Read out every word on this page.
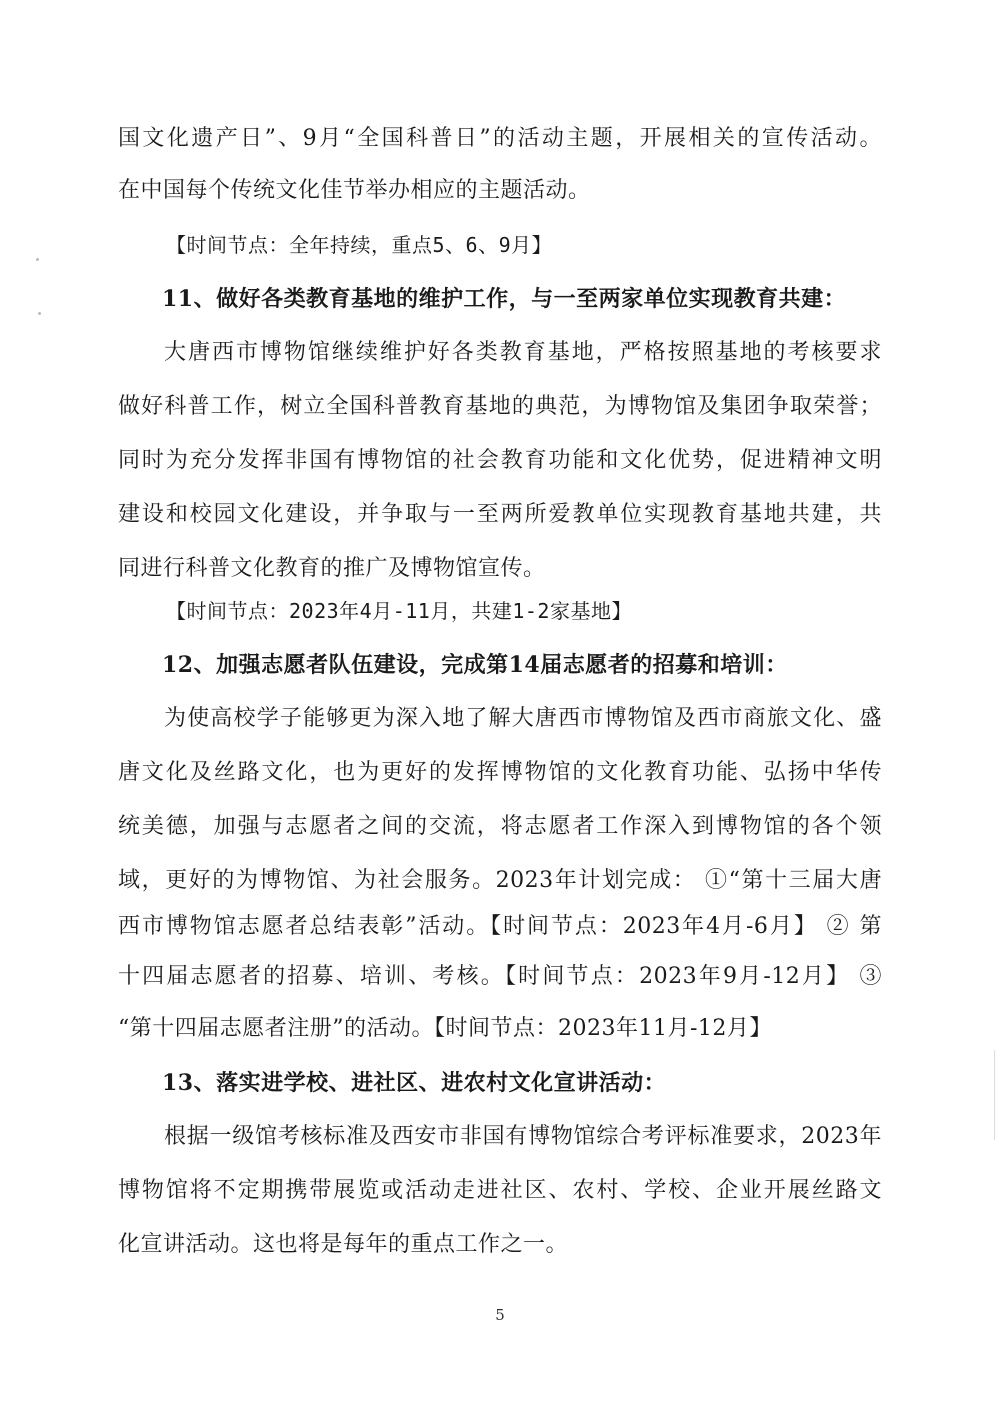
国文化遗产日”、9月“全国科普日”的活动主题，开展相关的宣传活动。
在中国每个传统文化佳节举办相应的主题活动。
【时间节点：全年持续，重点5、6、9月】
11、做好各类教育基地的维护工作，与一至两家单位实现教育共建：
大唐西市博物馆继续维护好各类教育基地，严格按照基地的考核要求
做好科普工作，树立全国科普教育基地的典范，为博物馆及集团争取荣誉；
同时为充分发挥非国有博物馆的社会教育功能和文化优势，促进精神文明
建设和校园文化建设，并争取与一至两所爱教单位实现教育基地共建，共
同进行科普文化教育的推广及博物馆宣传。
【时间节点：2023年4月-11月，共建1-2家基地】
12、加强志愿者队伍建设，完成第14届志愿者的招募和培训：
为使高校学子能够更为深入地了解大唐西市博物馆及西市商旅文化、盛
唐文化及丝路文化，也为更好的发挥博物馆的文化教育功能、弘扬中华传
统美德，加强与志愿者之间的交流，将志愿者工作深入到博物馆的各个领
域，更好的为博物馆、为社会服务。2023年计划完成： ①“第十三届大唐
西市博物馆志愿者总结表彰”活动。【时间节点：2023年4月-6月】 ② 第
十四届志愿者的招募、培训、考核。【时间节点：2023年9月-12月】 ③
“第十四届志愿者注册”的活动。【时间节点：2023年11月-12月】
13、落实进学校、进社区、进农村文化宣讲活动：
根据一级馆考核标准及西安市非国有博物馆综合考评标准要求，2023年
博物馆将不定期携带展览或活动走进社区、农村、学校、企业开展丝路文
化宣讲活动。这也将是每年的重点工作之一。
5
